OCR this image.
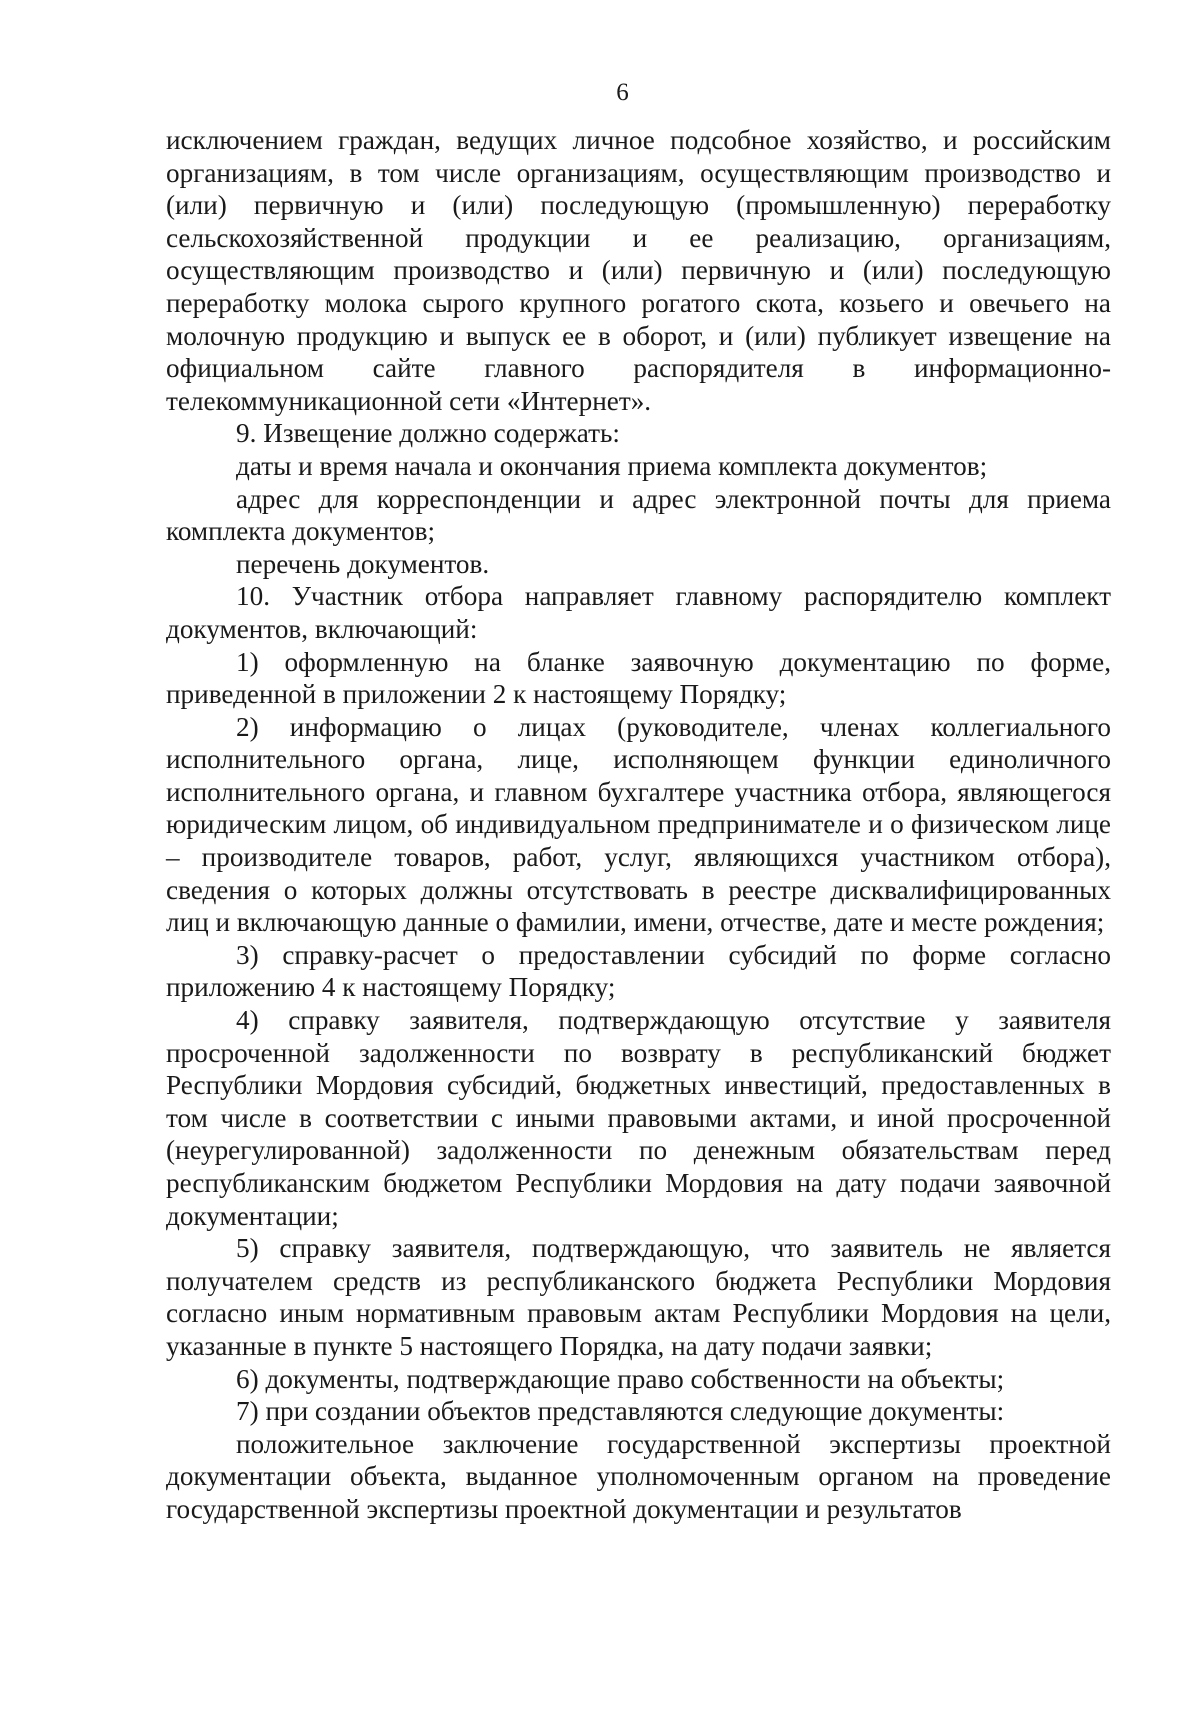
6

исключением граждан, ведущих личное подсобное хозяйство, и российским организациям, в том числе организациям, осуществляющим производство и (или) первичную и (или) последующую (промышленную) переработку сельскохозяйственной продукции и ее реализацию, организациям, осуществляющим производство и (или) первичную и (или) последующую переработку молока сырого крупного рогатого скота, козьего и овечьего на молочную продукцию и выпуск ее в оборот, и (или) публикует извещение на официальном сайте главного распорядителя в информационно-телекоммуникационной сети «Интернет».

9. Извещение должно содержать:

даты и время начала и окончания приема комплекта документов;

адрес для корреспонденции и адрес электронной почты для приема комплекта документов;

перечень документов.

10. Участник отбора направляет главному распорядителю комплект документов, включающий:

1) оформленную на бланке заявочную документацию по форме, приведенной в приложении 2 к настоящему Порядку;

2) информацию о лицах (руководителе, членах коллегиального исполнительного органа, лице, исполняющем функции единоличного исполнительного органа, и главном бухгалтере участника отбора, являющегося юридическим лицом, об индивидуальном предпринимателе и о физическом лице – производителе товаров, работ, услуг, являющихся участником отбора), сведения о которых должны отсутствовать в реестре дисквалифицированных лиц и включающую данные о фамилии, имени, отчестве, дате и месте рождения;

3) справку-расчет о предоставлении субсидий по форме согласно приложению 4 к настоящему Порядку;

4) справку заявителя, подтверждающую отсутствие у заявителя просроченной задолженности по возврату в республиканский бюджет Республики Мордовия субсидий, бюджетных инвестиций, предоставленных в том числе в соответствии с иными правовыми актами, и иной просроченной (неурегулированной) задолженности по денежным обязательствам перед республиканским бюджетом Республики Мордовия на дату подачи заявочной документации;

5) справку заявителя, подтверждающую, что заявитель не является получателем средств из республиканского бюджета Республики Мордовия согласно иным нормативным правовым актам Республики Мордовия на цели, указанные в пункте 5 настоящего Порядка, на дату подачи заявки;

6) документы, подтверждающие право собственности на объекты;

7) при создании объектов представляются следующие документы:

положительное заключение государственной экспертизы проектной документации объекта, выданное уполномоченным органом на проведение государственной экспертизы проектной документации и результатов
